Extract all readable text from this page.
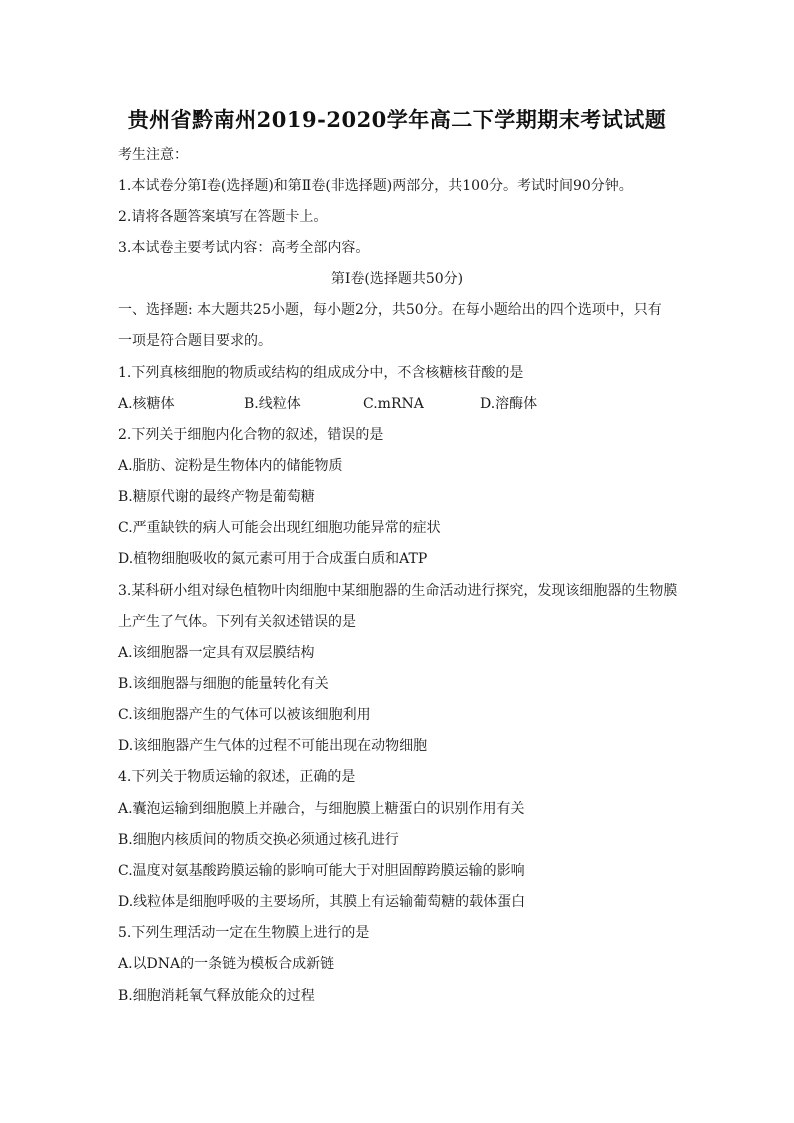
贵州省黔南州2019-2020学年高二下学期期末考试试题
考生注意：
1.本试卷分第Ⅰ卷(选择题)和第Ⅱ卷(非选择题)两部分，共100分。考试时间90分钟。
2.请将各题答案填写在答题卡上。
3.本试卷主要考试内容：高考全部内容。
第Ⅰ卷(选择题共50分)
一、选择题: 本大题共25小题，每小题2分，共50分。在每小题给出的四个选项中，只有
一项是符合题目要求的。
1.下列真核细胞的物质或结构的组成成分中，不含核糖核苷酸的是
A.核糖体	B.线粒体	C.mRNA	D.溶酶体
2.下列关于细胞内化合物的叙述，错误的是
A.脂肪、淀粉是生物体内的储能物质
B.糖原代谢的最终产物是葡萄糖
C.严重缺铁的病人可能会出现红细胞功能异常的症状
D.植物细胞吸收的氮元素可用于合成蛋白质和ATP
3.某科研小组对绿色植物叶肉细胞中某细胞器的生命活动进行探究，发现该细胞器的生物膜
上产生了气体。下列有关叙述错误的是
A.该细胞器一定具有双层膜结构
B.该细胞器与细胞的能量转化有关
C.该细胞器产生的气体可以被该细胞利用
D.该细胞器产生气体的过程不可能出现在动物细胞
4.下列关于物质运输的叙述，正确的是
A.囊泡运输到细胞膜上并融合，与细胞膜上糖蛋白的识别作用有关
B.细胞内核质间的物质交换必须通过核孔进行
C.温度对氨基酸跨膜运输的影响可能大于对胆固醇跨膜运输的影响
D.线粒体是细胞呼吸的主要场所，其膜上有运输葡萄糖的载体蛋白
5.下列生理活动一定在生物膜上进行的是
A.以DNA的一条链为模板合成新链
B.细胞消耗氧气释放能众的过程
